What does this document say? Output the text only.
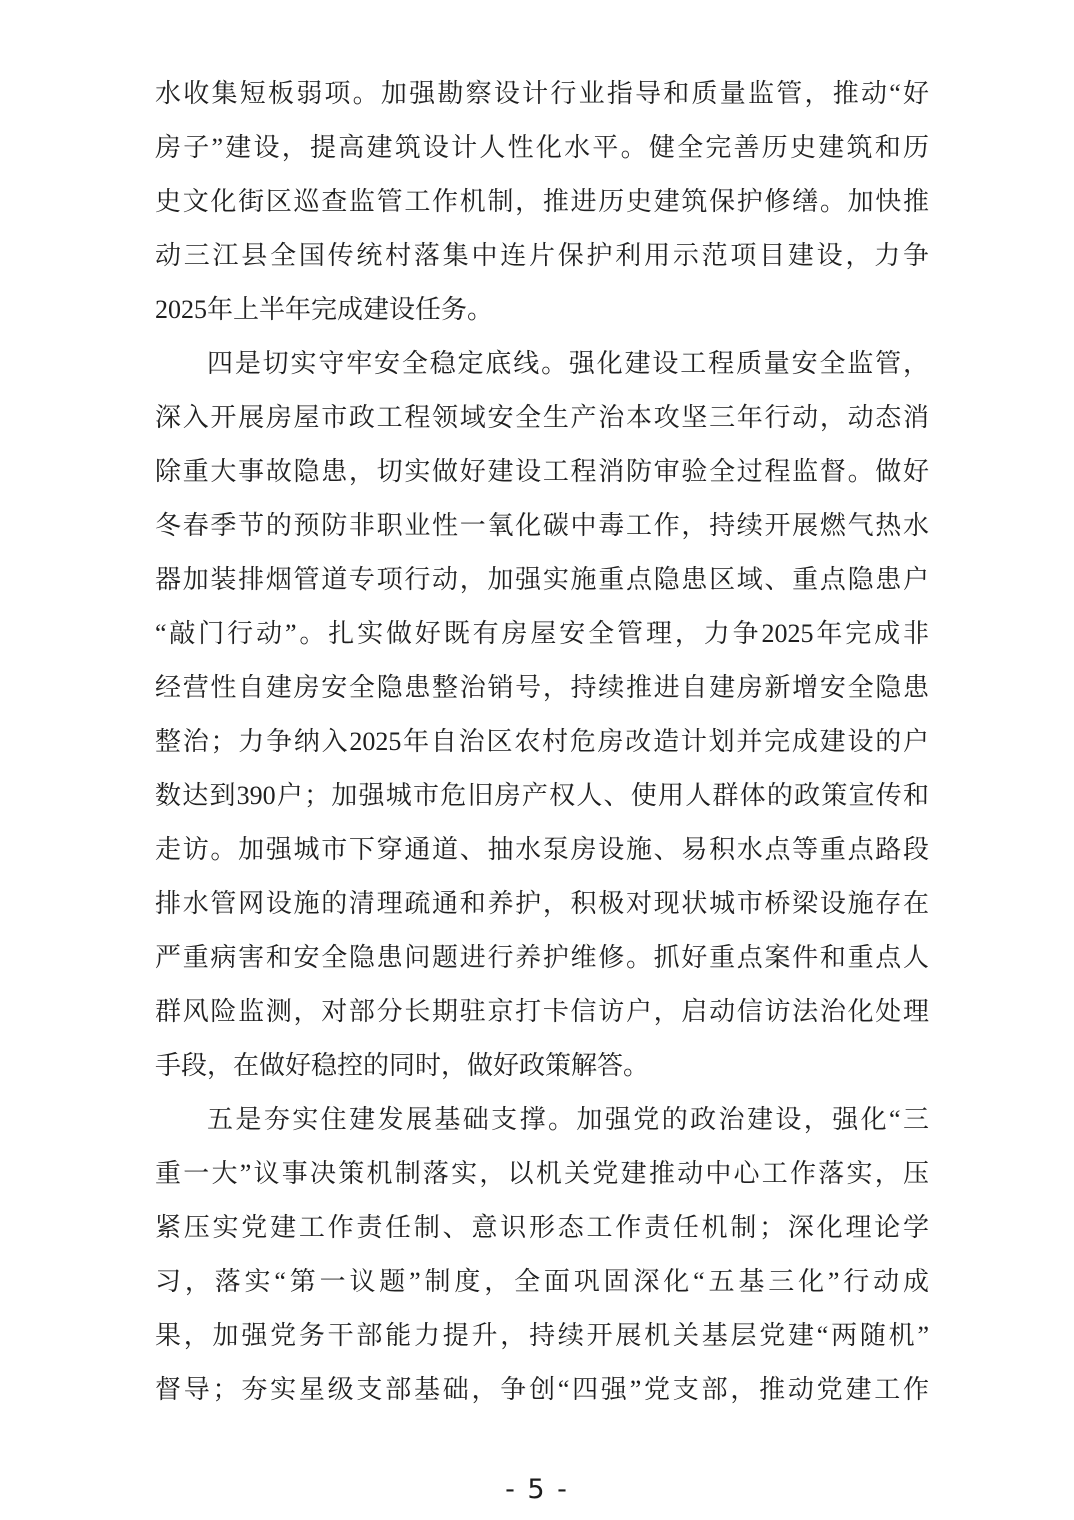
水收集短板弱项。加强勘察设计行业指导和质量监管，推动“好
房子”建设，提高建筑设计人性化水平。健全完善历史建筑和历
史文化街区巡查监管工作机制，推进历史建筑保护修缮。加快推
动三江县全国传统村落集中连片保护利用示范项目建设，力争
2025年上半年完成建设任务。
四是切实守牢安全稳定底线。强化建设工程质量安全监管，
深入开展房屋市政工程领域安全生产治本攻坚三年行动，动态消
除重大事故隐患，切实做好建设工程消防审验全过程监督。做好
冬春季节的预防非职业性一氧化碳中毒工作，持续开展燃气热水
器加装排烟管道专项行动，加强实施重点隐患区域、重点隐患户
“敲门行动”。扎实做好既有房屋安全管理，力争2025年完成非
经营性自建房安全隐患整治销号，持续推进自建房新增安全隐患
整治；力争纳入2025年自治区农村危房改造计划并完成建设的户
数达到390户；加强城市危旧房产权人、使用人群体的政策宣传和
走访。加强城市下穿通道、抽水泵房设施、易积水点等重点路段
排水管网设施的清理疏通和养护，积极对现状城市桥梁设施存在
严重病害和安全隐患问题进行养护维修。抓好重点案件和重点人
群风险监测，对部分长期驻京打卡信访户，启动信访法治化处理
手段，在做好稳控的同时，做好政策解答。
五是夯实住建发展基础支撑。加强党的政治建设，强化“三
重一大”议事决策机制落实，以机关党建推动中心工作落实，压
紧压实党建工作责任制、意识形态工作责任机制；深化理论学
习，落实“第一议题”制度，全面巩固深化“五基三化”行动成
果，加强党务干部能力提升，持续开展机关基层党建“两随机”
督导；夯实星级支部基础，争创“四强”党支部，推动党建工作
- 5 -
